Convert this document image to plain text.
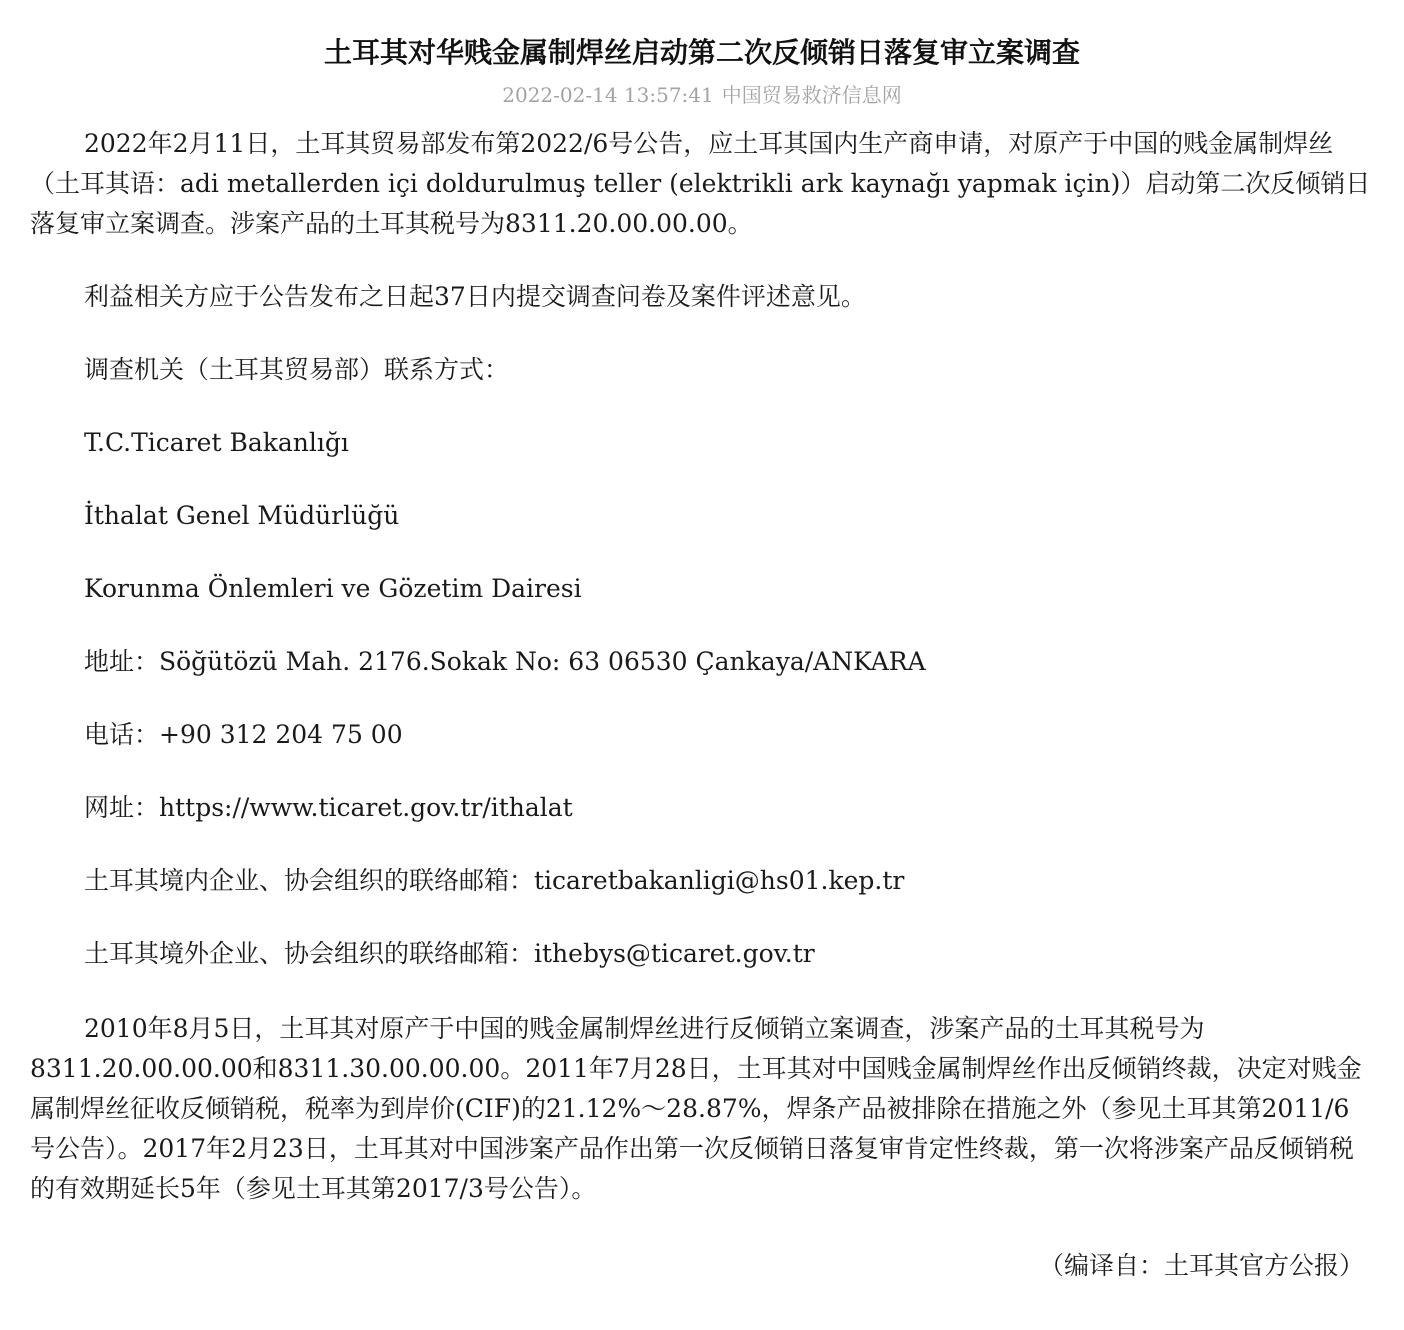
土耳其对华贱金属制焊丝启动第二次反倾销日落复审立案调查
2022-02-14 13:57:41 中国贸易救济信息网

2022年2月11日，土耳其贸易部发布第2022/6号公告，应土耳其国内生产商申请，对原产于中国的贱金属制焊丝（土耳其语：adi metallerden içi doldurulmuş teller (elektrikli ark kaynağı yapmak için)）启动第二次反倾销日落复审立案调查。涉案产品的土耳其税号为8311.20.00.00.00。

利益相关方应于公告发布之日起37日内提交调查问卷及案件评述意见。

调查机关（土耳其贸易部）联系方式：

T.C.Ticaret Bakanlığı

İthalat Genel Müdürlüğü

Korunma Önlemleri ve Gözetim Dairesi

地址：Söğütözü Mah. 2176.Sokak No: 63 06530 Çankaya/ANKARA

电话：+90 312 204 75 00

网址：https://www.ticaret.gov.tr/ithalat

土耳其境内企业、协会组织的联络邮箱：ticaretbakanligi@hs01.kep.tr

土耳其境外企业、协会组织的联络邮箱：ithebys@ticaret.gov.tr

2010年8月5日，土耳其对原产于中国的贱金属制焊丝进行反倾销立案调查，涉案产品的土耳其税号为8311.20.00.00.00和8311.30.00.00.00。2011年7月28日，土耳其对中国贱金属制焊丝作出反倾销终裁，决定对贱金属制焊丝征收反倾销税，税率为到岸价(CIF)的21.12%～28.87%，焊条产品被排除在措施之外（参见土耳其第2011/6号公告）。2017年2月23日，土耳其对中国涉案产品作出第一次反倾销日落复审肯定性终裁，第一次将涉案产品反倾销税的有效期延长5年（参见土耳其第2017/3号公告）。

（编译自：土耳其官方公报）
